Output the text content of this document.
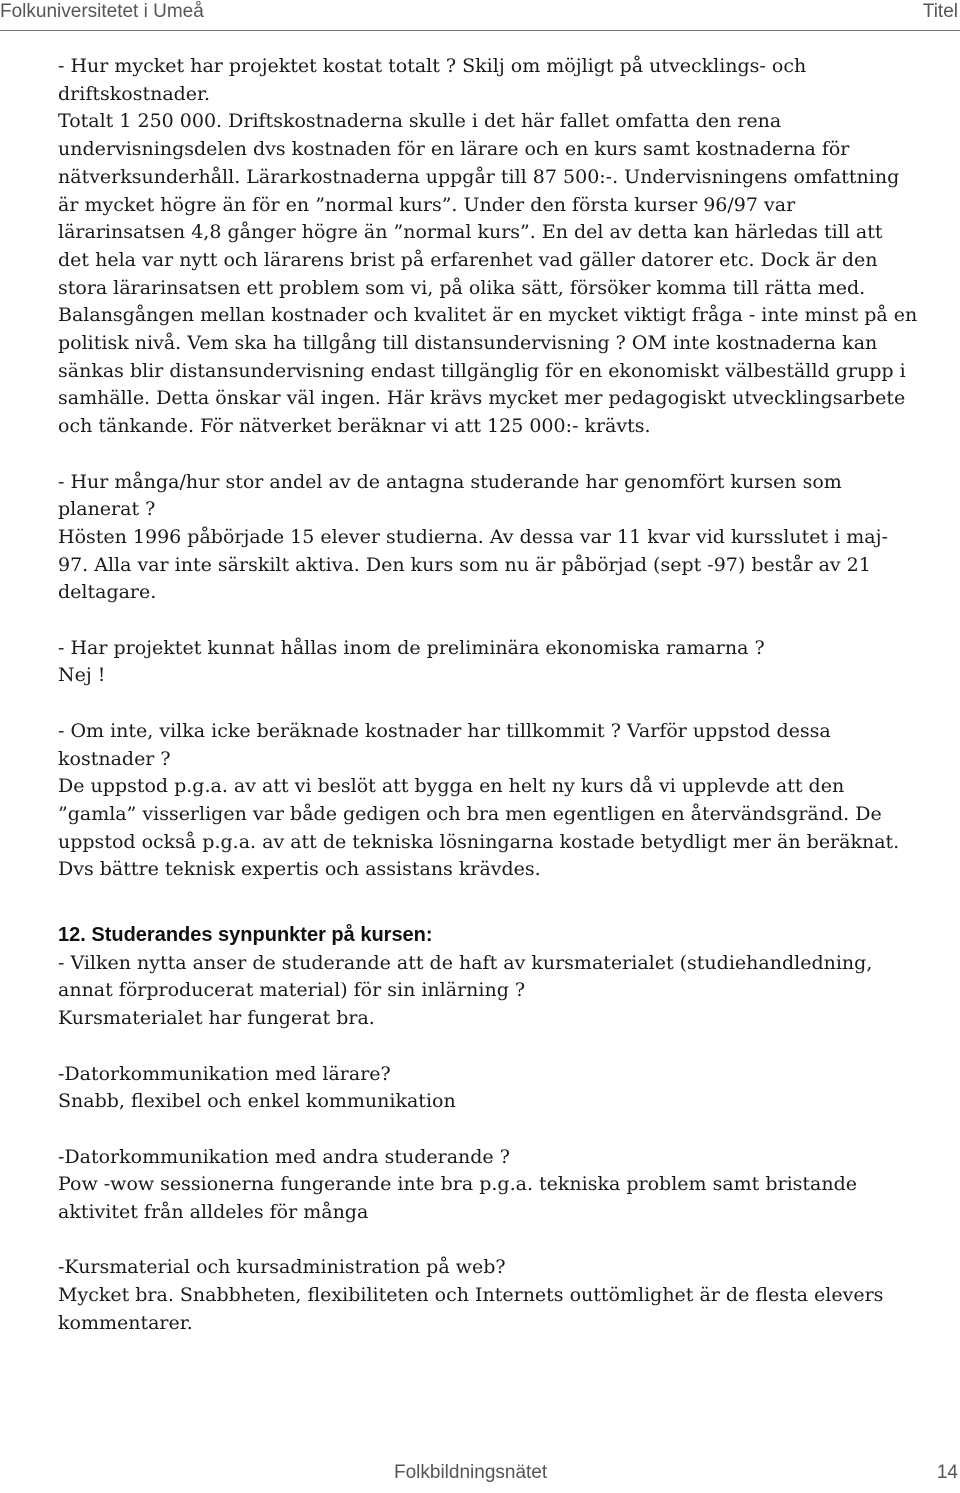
Folkuniversitetet i Umeå	Titel

- Hur mycket har projektet kostat totalt ? Skilj om möjligt på utvecklings- och driftskostnader.

Totalt 1 250 000. Driftskostnaderna skulle i det här fallet omfatta den rena undervisningsdelen dvs kostnaden för en lärare och en kurs samt kostnaderna för nätverksunderhåll. Lärarkostnaderna uppgår till 87 500:-. Undervisningens omfattning är mycket högre än för en ”normal kurs”. Under den första kurser 96/97 var lärarinsatsen 4,8 gånger högre än ”normal kurs”. En del av detta kan härledas till att det hela var nytt och lärarens brist på erfarenhet vad gäller datorer etc. Dock är den stora lärarinsatsen ett problem som vi, på olika sätt, försöker komma till rätta med. Balansgången mellan kostnader och kvalitet är en mycket viktigt fråga - inte minst på en politisk nivå. Vem ska ha tillgång till distansundervisning ? OM inte kostnaderna kan sänkas blir distansundervisning endast tillgänglig för en ekonomiskt välbeställd grupp i samhälle. Detta önskar väl ingen. Här krävs mycket mer pedagogiskt utvecklingsarbete och tänkande. För nätverket beräknar vi att 125 000:- krävts.

- Hur många/hur stor andel av de antagna studerande har genomfört kursen som planerat ?

Hösten 1996 påbörjade 15 elever studierna. Av dessa var 11 kvar vid kursslutet i maj-97. Alla var inte särskilt aktiva. Den kurs som nu är påbörjad (sept -97) består av 21 deltagare.

- Har projektet kunnat hållas inom de preliminära ekonomiska ramarna ?

Nej !

- Om inte, vilka icke beräknade kostnader har tillkommit ? Varför uppstod dessa kostnader ?

De uppstod p.g.a. av att vi beslöt att bygga en helt ny kurs då vi upplevde att den ”gamla” visserligen var både gedigen och bra men egentligen en återvändsgränd. De uppstod också p.g.a. av att de tekniska lösningarna kostade betydligt mer än beräknat. Dvs bättre teknisk expertis och assistans krävdes.

12. Studerandes synpunkter på kursen:

- Vilken nytta anser de studerande att de haft av kursmaterialet (studiehandledning, annat förproducerat material) för sin inlärning ?

Kursmaterialet har fungerat bra.

-Datorkommunikation med lärare?

Snabb, flexibel och enkel kommunikation

-Datorkommunikation med andra studerande ?

Pow -wow sessionerna fungerande inte bra p.g.a. tekniska problem samt bristande aktivitet från alldeles för många

-Kursmaterial och kursadministration på web?

Mycket bra. Snabbheten, flexibiliteten och Internets outtömlighet är de flesta elevers kommentarer.

Folkbildningsnätet	14
